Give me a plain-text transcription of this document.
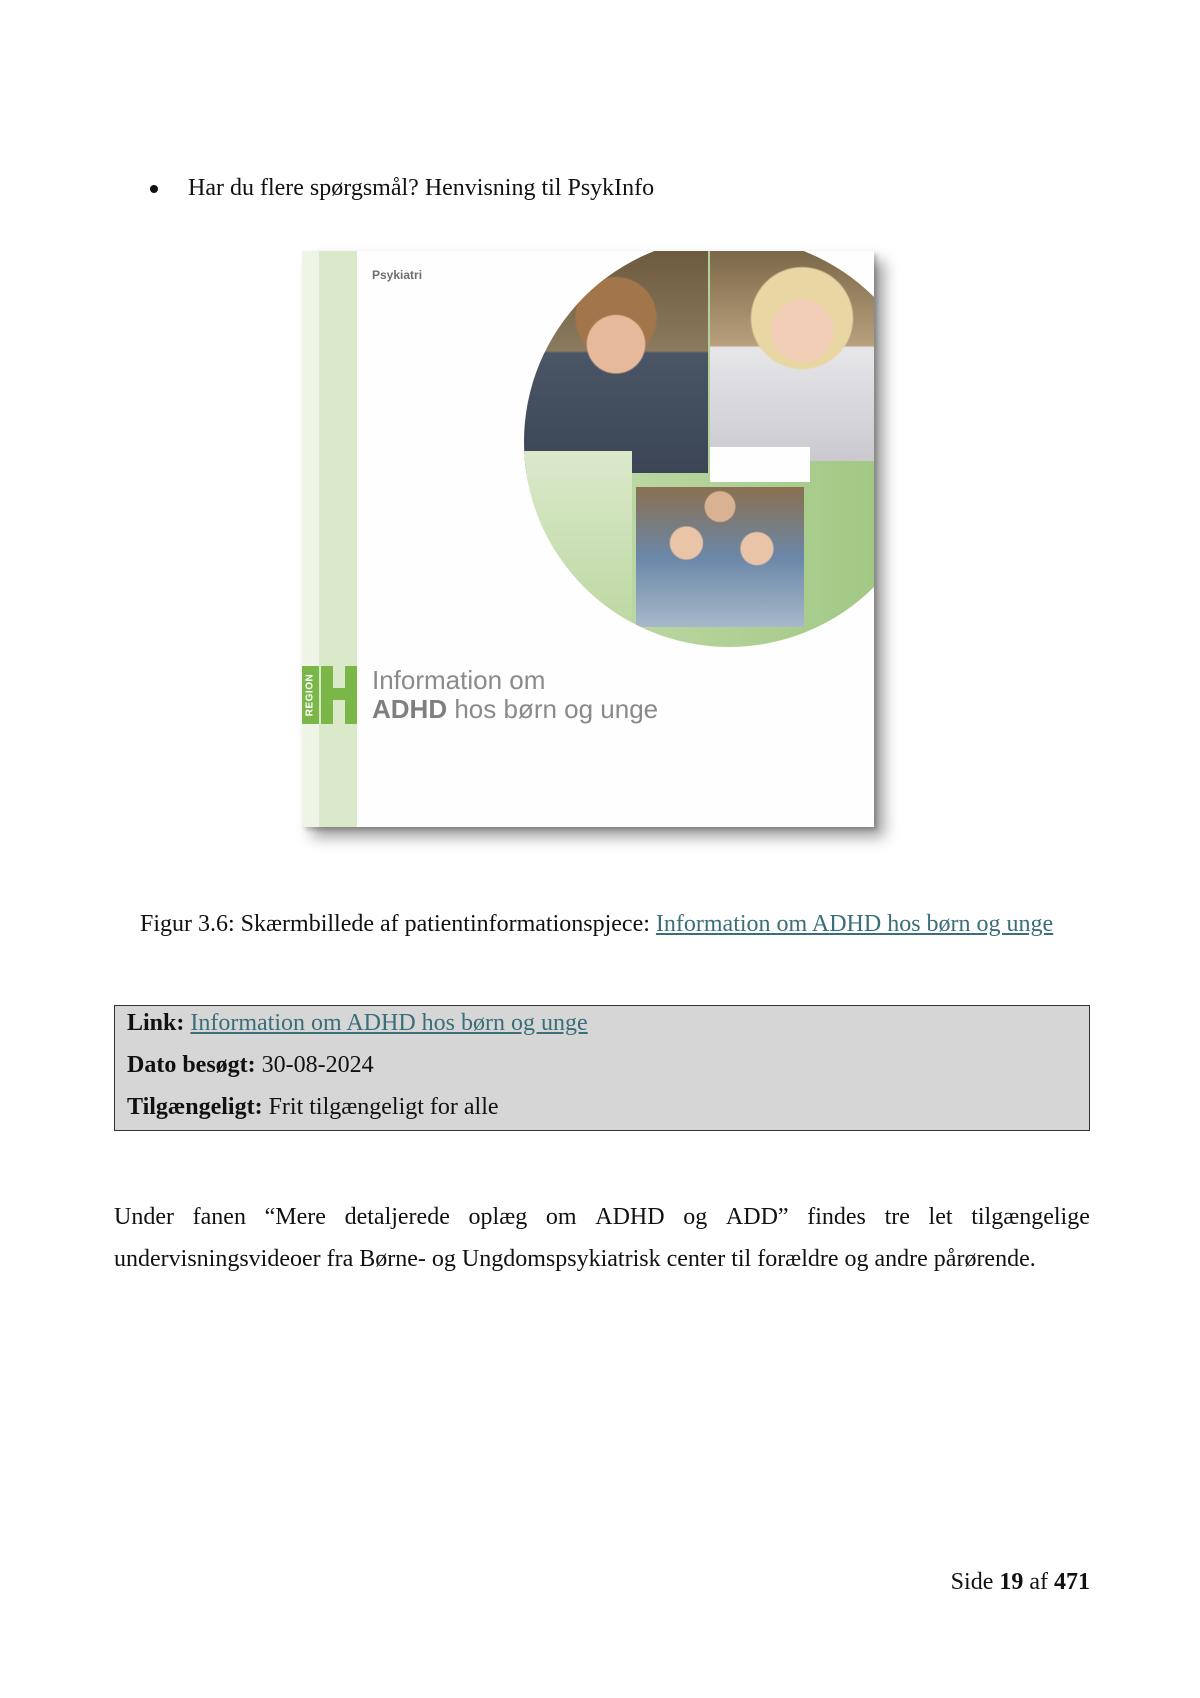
Har du flere spørgsmål? Henvisning til PsykInfo
Psykiatri
REGION Information om
ADHD hos børn og unge
Figur 3.6: Skærmbillede af patientinformationspjece: Information om ADHD hos børn og unge
Link: Information om ADHD hos børn og unge
Dato besøgt: 30-08-2024
Tilgængeligt: Frit tilgængeligt for alle
Under fanen “Mere detaljerede oplæg om ADHD og ADD” findes tre let tilgængelige
undervisningsvideoer fra Børne- og Ungdomspsykiatrisk center til forældre og andre pårørende.
Side 19 af 471
